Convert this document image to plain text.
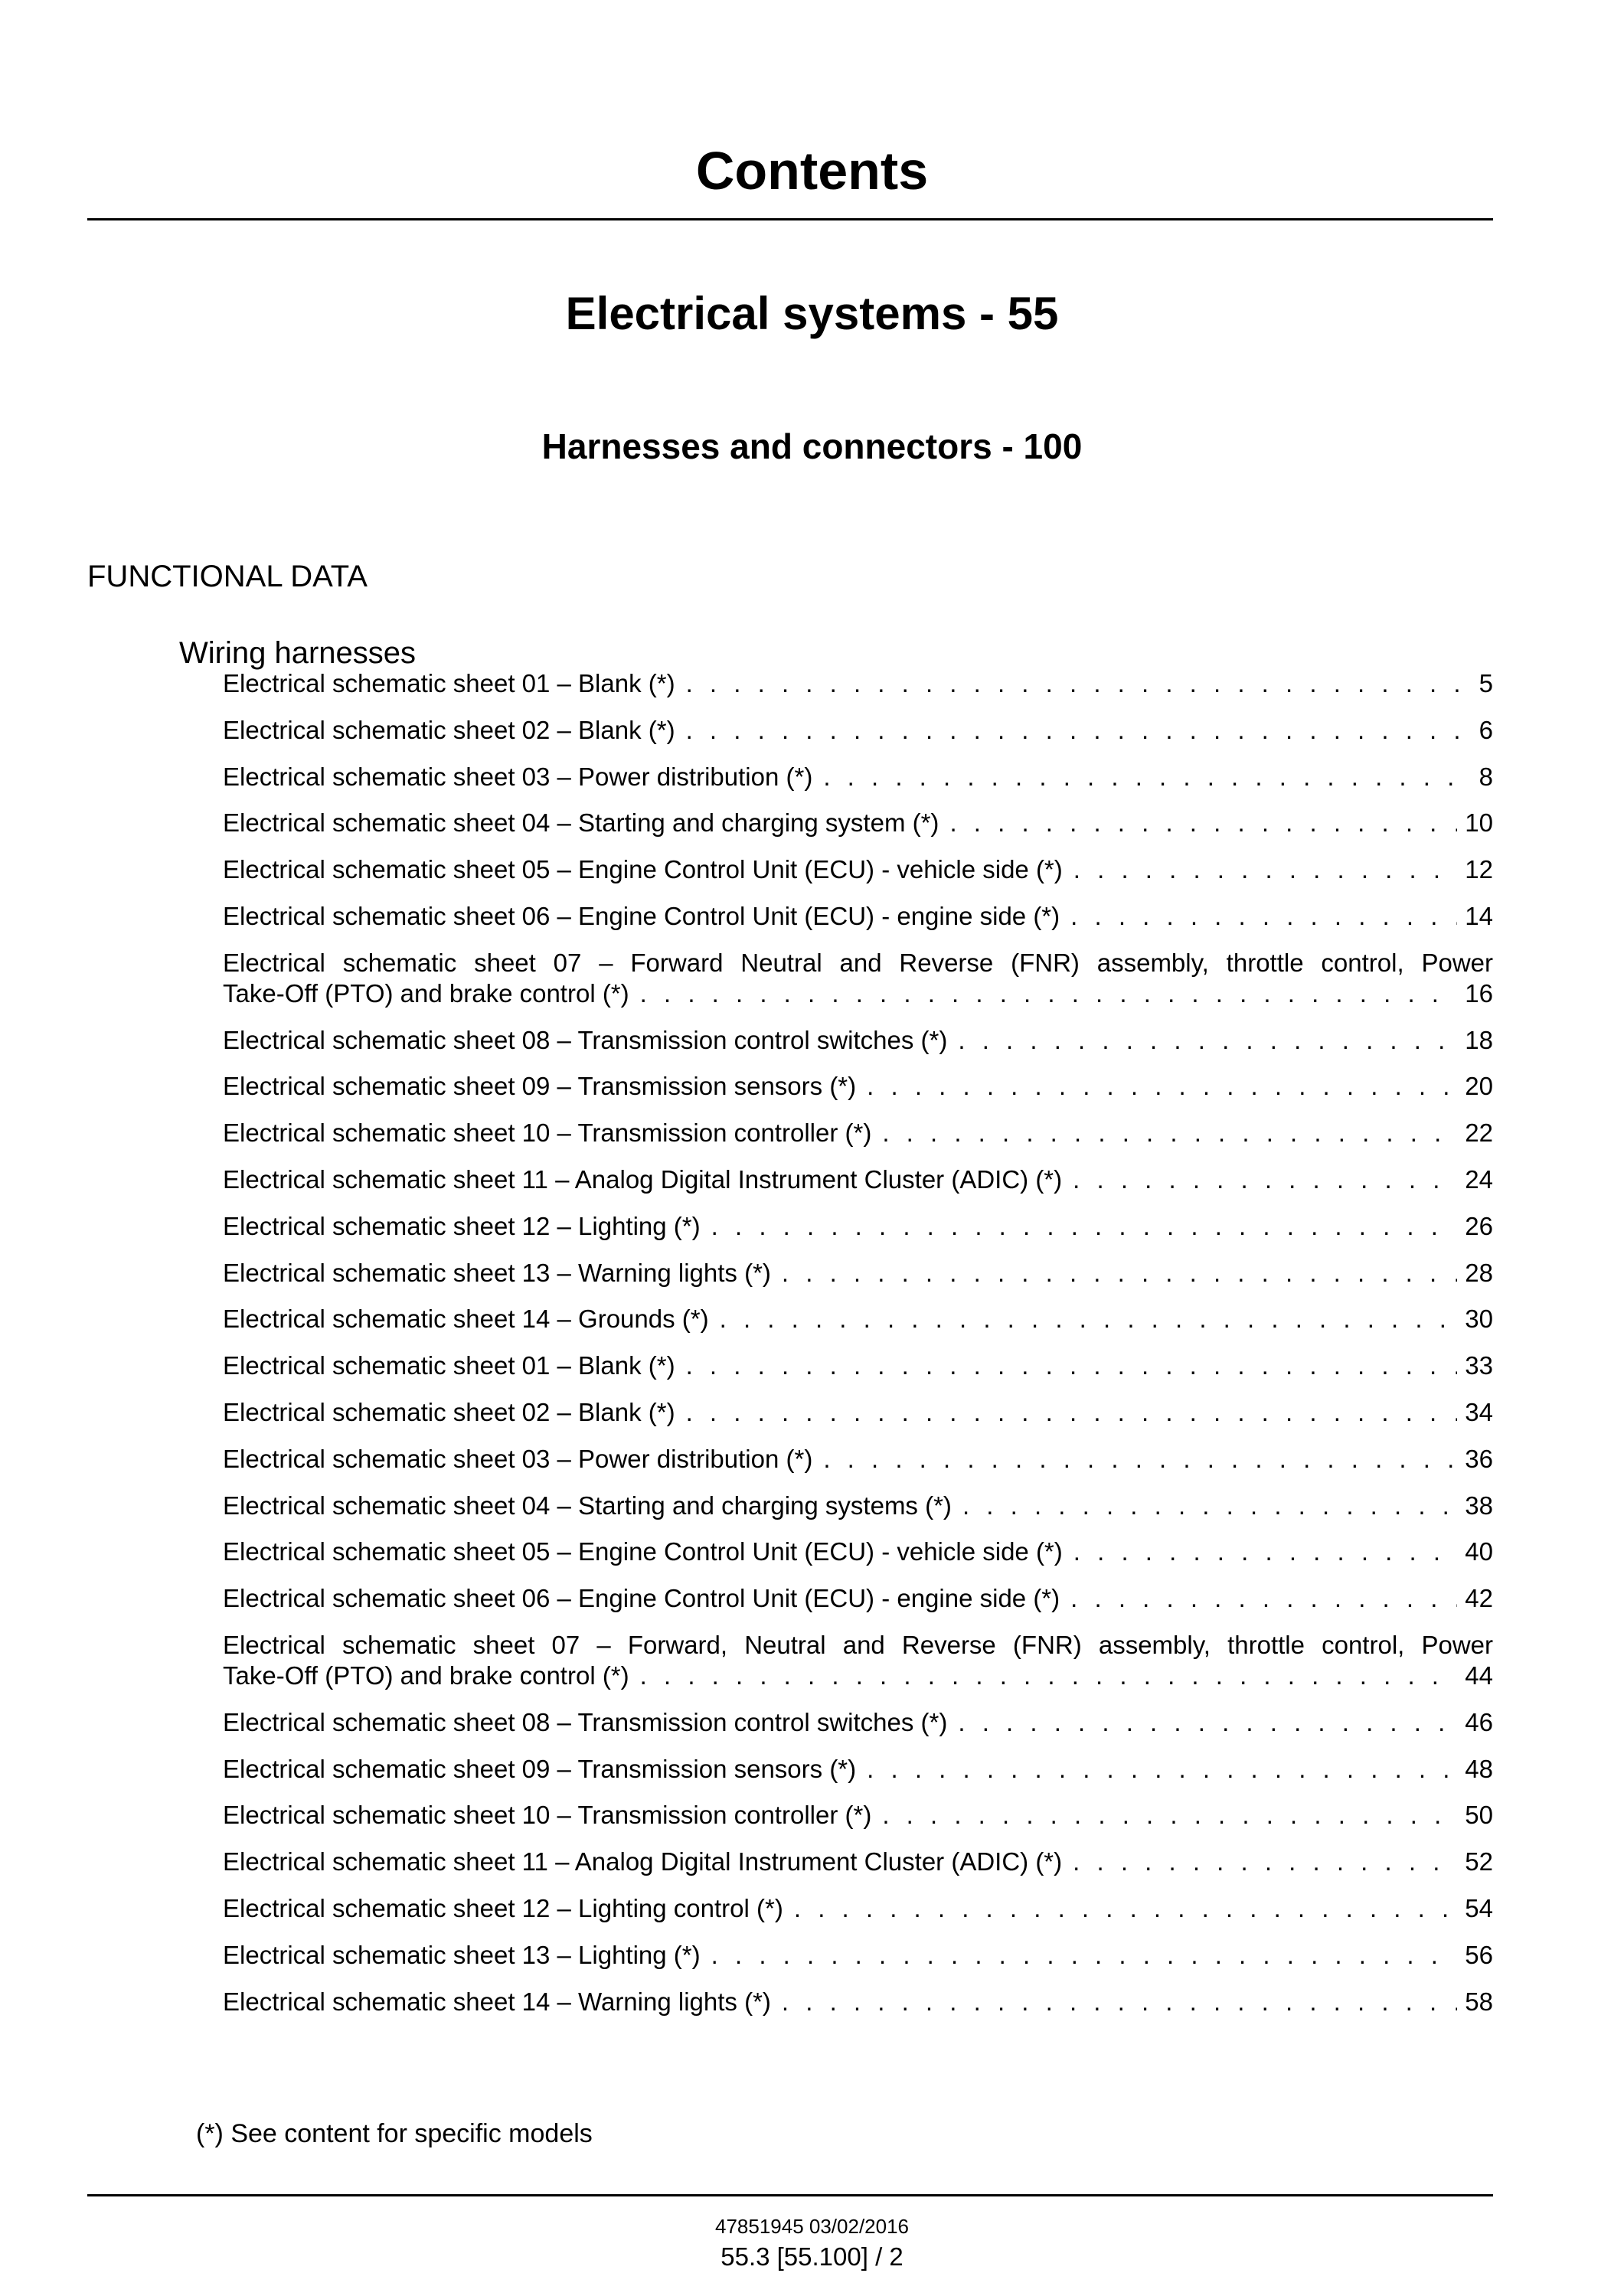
Contents
Electrical systems - 55
Harnesses and connectors - 100
FUNCTIONAL DATA
Wiring harnesses
Electrical schematic sheet 01 – Blank (*) . . .	5
Electrical schematic sheet 02 – Blank (*) . . .	6
Electrical schematic sheet 03 – Power distribution (*) . . .	8
Electrical schematic sheet 04 – Starting and charging system (*) . . .	10
Electrical schematic sheet 05 – Engine Control Unit (ECU) - vehicle side (*) . . .	12
Electrical schematic sheet 06 – Engine Control Unit (ECU) - engine side (*) . . .	14
Electrical schematic sheet 07 – Forward Neutral and Reverse (FNR) assembly, throttle control, Power
Take-Off (PTO) and brake control (*) . . .	16
Electrical schematic sheet 08 – Transmission control switches (*) . . .	18
Electrical schematic sheet 09 – Transmission sensors (*) . . .	20
Electrical schematic sheet 10 – Transmission controller (*) . . .	22
Electrical schematic sheet 11 – Analog Digital Instrument Cluster (ADIC) (*) . . .	24
Electrical schematic sheet 12 – Lighting (*) . . .	26
Electrical schematic sheet 13 – Warning lights (*) . . .	28
Electrical schematic sheet 14 – Grounds (*) . . .	30
Electrical schematic sheet 01 – Blank (*) . . .	33
Electrical schematic sheet 02 – Blank (*) . . .	34
Electrical schematic sheet 03 – Power distribution (*) . . .	36
Electrical schematic sheet 04 – Starting and charging systems (*) . . .	38
Electrical schematic sheet 05 – Engine Control Unit (ECU) - vehicle side (*) . . .	40
Electrical schematic sheet 06 – Engine Control Unit (ECU) - engine side (*) . . .	42
Electrical schematic sheet 07 – Forward, Neutral and Reverse (FNR) assembly, throttle control, Power
Take-Off (PTO) and brake control (*) . . .	44
Electrical schematic sheet 08 – Transmission control switches (*) . . .	46
Electrical schematic sheet 09 – Transmission sensors (*) . . .	48
Electrical schematic sheet 10 – Transmission controller (*) . . .	50
Electrical schematic sheet 11 – Analog Digital Instrument Cluster (ADIC) (*) . . .	52
Electrical schematic sheet 12 – Lighting control (*) . . .	54
Electrical schematic sheet 13 – Lighting (*) . . .	56
Electrical schematic sheet 14 – Warning lights (*) . . .	58
(*) See content for specific models
47851945 03/02/2016
55.3 [55.100] / 2
